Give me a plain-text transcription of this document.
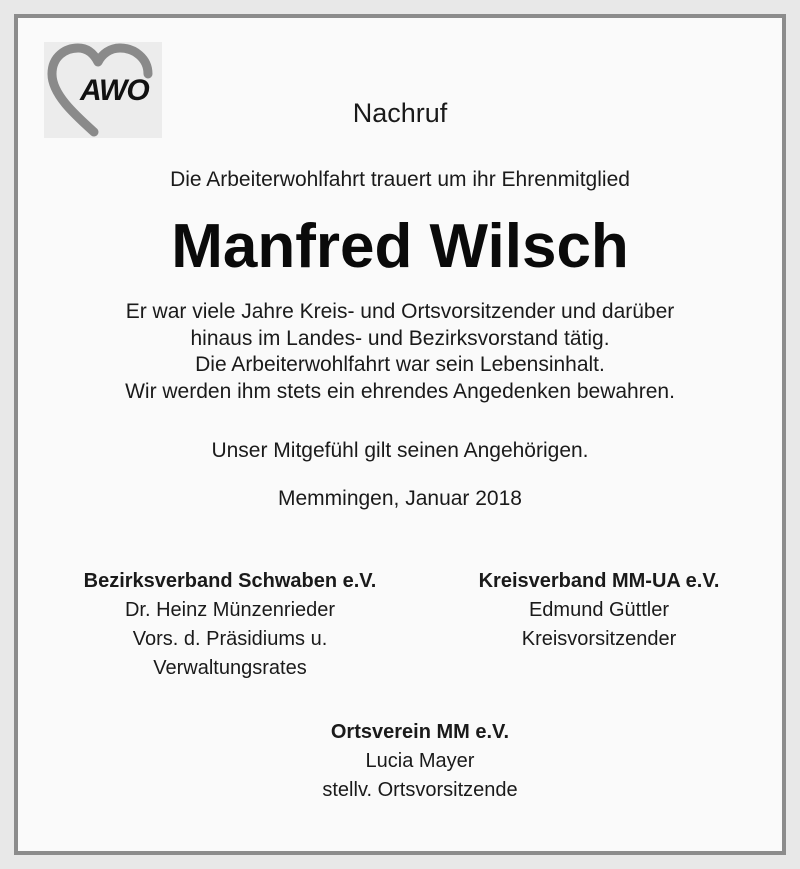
AWO
Nachruf
Die Arbeiterwohlfahrt trauert um ihr Ehrenmitglied
Manfred Wilsch
Er war viele Jahre Kreis- und Ortsvorsitzender und darüber
hinaus im Landes- und Bezirksvorstand tätig.
Die Arbeiterwohlfahrt war sein Lebensinhalt.
Wir werden ihm stets ein ehrendes Angedenken bewahren.
Unser Mitgefühl gilt seinen Angehörigen.
Memmingen, Januar 2018
Bezirksverband Schwaben e.V.
Dr. Heinz Münzenrieder
Vors. d. Präsidiums u.
Verwaltungsrates
Kreisverband MM-UA e.V.
Edmund Güttler
Kreisvorsitzender
Ortsverein MM e.V.
Lucia Mayer
stellv. Ortsvorsitzende
